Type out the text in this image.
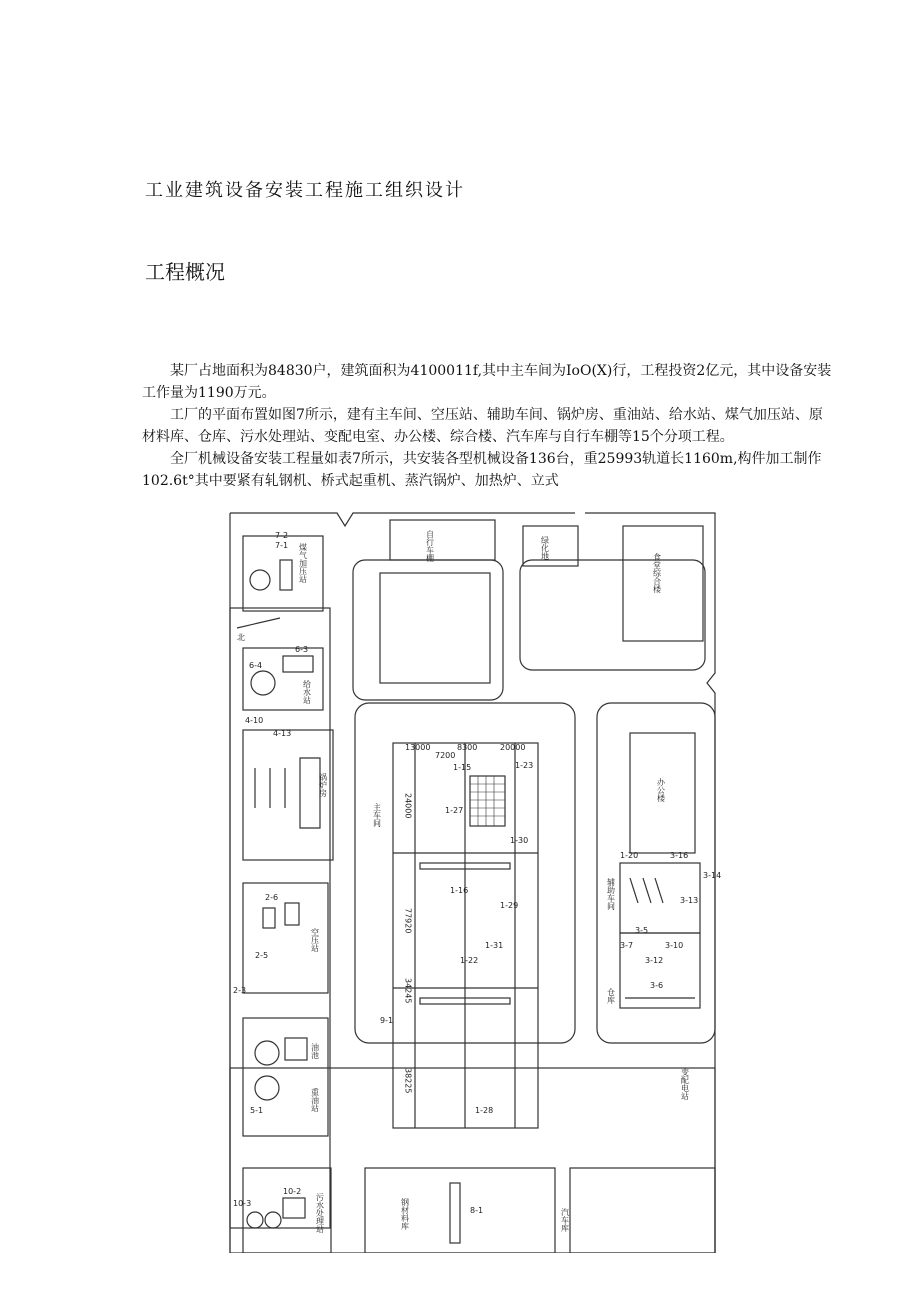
工业建筑设备安装工程施工组织设计
工程概况

某厂占地面积为84830户，建筑面积为4100011f,其中主车间为IoO(X)行，工程投资2亿元，其中设备安装工作量为1190万元。

工厂的平面布置如图7所示，建有主车间、空压站、辅助车间、锅炉房、重油站、给水站、煤气加压站、原材料库、仓库、污水处理站、变配电室、办公楼、综合楼、汽车库与自行车棚等15个分项工程。

全厂机械设备安装工程量如表7所示，共安装各型机械设备136台，重25993轨道长1160m,构件加工制作102.6t°其中要紧有轧钢机、桥式起重机、蒸汽锅炉、加热炉、立式

煤气加压站
7-1
7-2
北
给水站
6-4
6-3
锅炉房
4-10
4-13
空压站
2-6
2-5
2-3
油池
重油站
5-1
污水处理站
10-3
10-2
钢材料库	8-1	汽车库
自行车棚	绿化地
食堂综合楼
办公楼
主车间
13000
7200
8300	20000
24000
77920
34245
38225
9-1
1-28
1-29
1-30
1-31
1-22
1-23
1-27
1-16
1-15
辅助车间
1-20	3-16
3-14
3-13
3-12
3-10
3-7
3-5
仓库
3-6
变配电站
